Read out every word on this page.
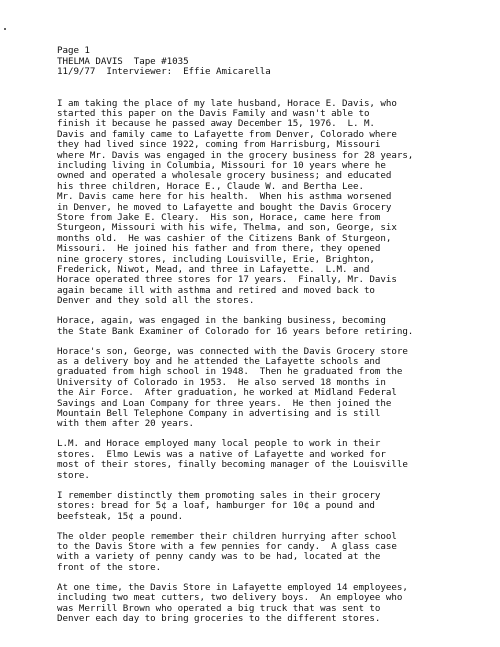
Page 1
THELMA DAVIS  Tape #1035
11/9/77  Interviewer:  Effie Amicarella

I am taking the place of my late husband, Horace E. Davis, who
started this paper on the Davis Family and wasn't able to
finish it because he passed away December 15, 1976.  L. M.
Davis and family came to Lafayette from Denver, Colorado where
they had lived since 1922, coming from Harrisburg, Missouri
where Mr. Davis was engaged in the grocery business for 28 years,
including living in Columbia, Missouri for 10 years where he
owned and operated a wholesale grocery business; and educated
his three children, Horace E., Claude W. and Bertha Lee.
Mr. Davis came here for his health.  When his asthma worsened
in Denver, he moved to Lafayette and bought the Davis Grocery
Store from Jake E. Cleary.  His son, Horace, came here from
Sturgeon, Missouri with his wife, Thelma, and son, George, six
months old.  He was cashier of the Citizens Bank of Sturgeon,
Missouri.  He joined his father and from there, they opened
nine grocery stores, including Louisville, Erie, Brighton,
Frederick, Niwot, Mead, and three in Lafayette.  L.M. and
Horace operated three stores for 17 years.  Finally, Mr. Davis
again became ill with asthma and retired and moved back to
Denver and they sold all the stores.

Horace, again, was engaged in the banking business, becoming
the State Bank Examiner of Colorado for 16 years before retiring.

Horace's son, George, was connected with the Davis Grocery store
as a delivery boy and he attended the Lafayette schools and
graduated from high school in 1948.  Then he graduated from the
University of Colorado in 1953.  He also served 18 months in
the Air Force.  After graduation, he worked at Midland Federal
Savings and Loan Company for three years.  He then joined the
Mountain Bell Telephone Company in advertising and is still
with them after 20 years.

L.M. and Horace employed many local people to work in their
stores.  Elmo Lewis was a native of Lafayette and worked for
most of their stores, finally becoming manager of the Louisville
store.

I remember distinctly them promoting sales in their grocery
stores: bread for 5¢ a loaf, hamburger for 10¢ a pound and
beefsteak, 15¢ a pound.

The older people remember their children hurrying after school
to the Davis Store with a few pennies for candy.  A glass case
with a variety of penny candy was to be had, located at the
front of the store.

At one time, the Davis Store in Lafayette employed 14 employees,
including two meat cutters, two delivery boys.  An employee who
was Merrill Brown who operated a big truck that was sent to
Denver each day to bring groceries to the different stores.
